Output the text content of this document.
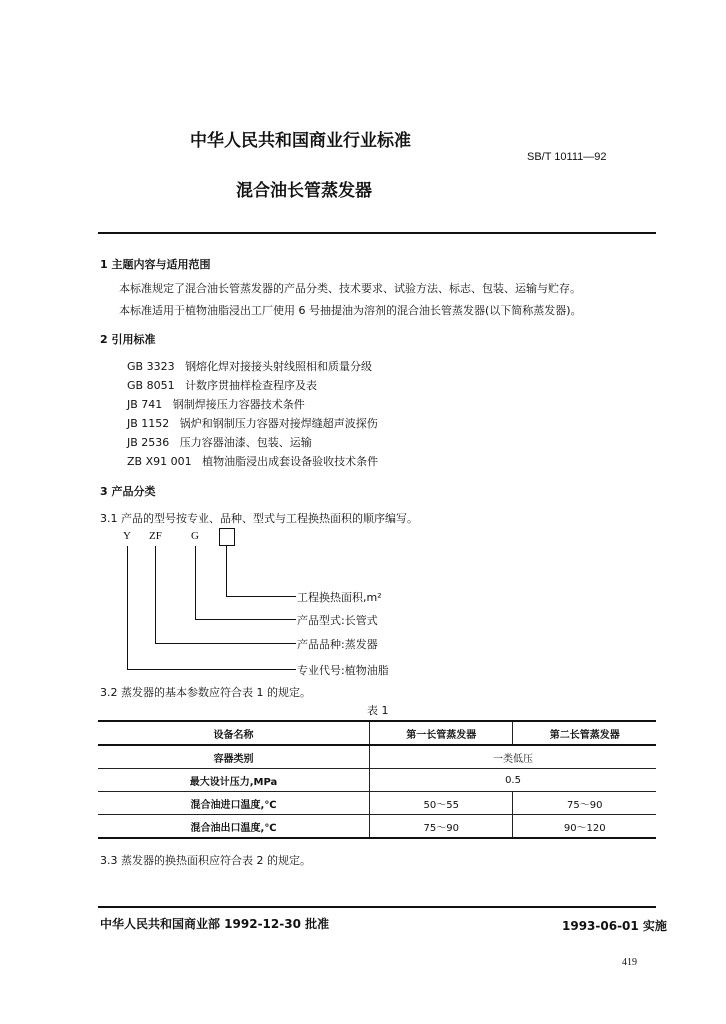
中华人民共和国商业行业标准
SB/T 10111—92
混合油长管蒸发器
1 主题内容与适用范围
本标准规定了混合油长管蒸发器的产品分类、技术要求、试验方法、标志、包装、运输与贮存。
本标准适用于植物油脂浸出工厂使用 6 号抽提油为溶剂的混合油长管蒸发器(以下简称蒸发器)。
2 引用标准
GB 3323 钢熔化焊对接接头射线照相和质量分级
GB 8051 计数序贯抽样检查程序及表
JB 741 钢制焊接压力容器技术条件
JB 1152 锅炉和钢制压力容器对接焊缝超声波探伤
JB 2536 压力容器油漆、包装、运输
ZB X91 001 植物油脂浸出成套设备验收技术条件
3 产品分类
3.1 产品的型号按专业、品种、型式与工程换热面积的顺序编写。
Y ZF	G
工程换热面积,m²
产品型式:长管式
产品品种:蒸发器
专业代号:植物油脂
3.2 蒸发器的基本参数应符合表 1 的规定。
表 1
设备名称	第一长管蒸发器	第二长管蒸发器
容器类别	一类低压	
最大设计压力,MPa	0.5	
混合油进口温度,℃	50～55	75～90
混合油出口温度,℃	75～90	90～120
3.3 蒸发器的换热面积应符合表 2 的规定。
中华人民共和国商业部 1992-12-30 批准	1993-06-01 实施
419
